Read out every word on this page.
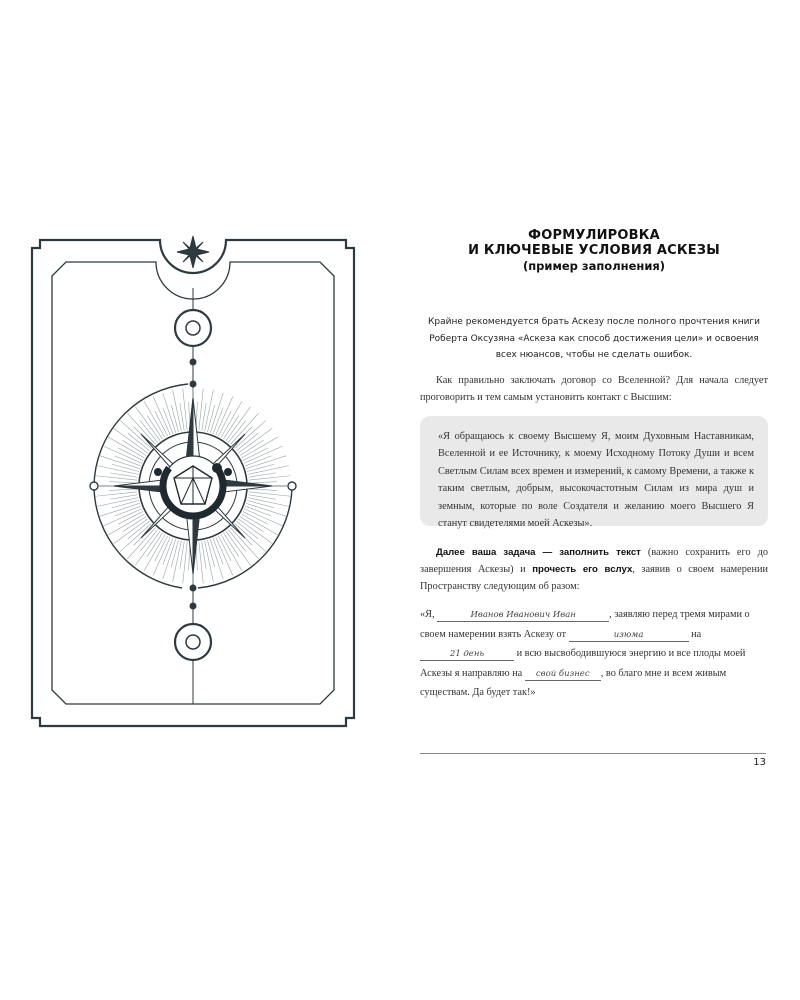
ФОРМУЛИРОВКА
И КЛЮЧЕВЫЕ УСЛОВИЯ АСКЕЗЫ
(пример заполнения)
Крайне рекомендуется брать Аскезу после полного прочтения книги
Роберта Оксузяна «Аскеза как способ достижения цели» и освоения
всех нюансов, чтобы не сделать ошибок.
Как правильно заключать договор со Вселенной? Для начала следует проговорить и тем самым установить контакт с Высшим:
«Я обращаюсь к своему Высшему Я, моим Духовным Наставникам, Вселенной и ее Источнику, к моему Исходному Потоку Души и всем Светлым Силам всех времен и измерений, к самому Времени, а также к таким светлым, добрым, высокочастотным Силам из мира душ и земным, которые по воле Создателя и желанию моего Высшего Я станут свидетелями моей Аскезы».
Далее ваша задача — заполнить текст (важно сохранить его до завершения Аскезы) и прочесть его вслух, заявив о своем намерении Пространству следующим об разом:
«Я,	Иванов Иванович Иван	, заявляю перед тремя мирами о своем намерении взять Аскезу от	изюма	на 21 день	и всю высвободившуюся энергию и все плоды моей Аскезы я направляю на свой бизнес , во благо мне и всем живым существам. Да будет так!»
13
